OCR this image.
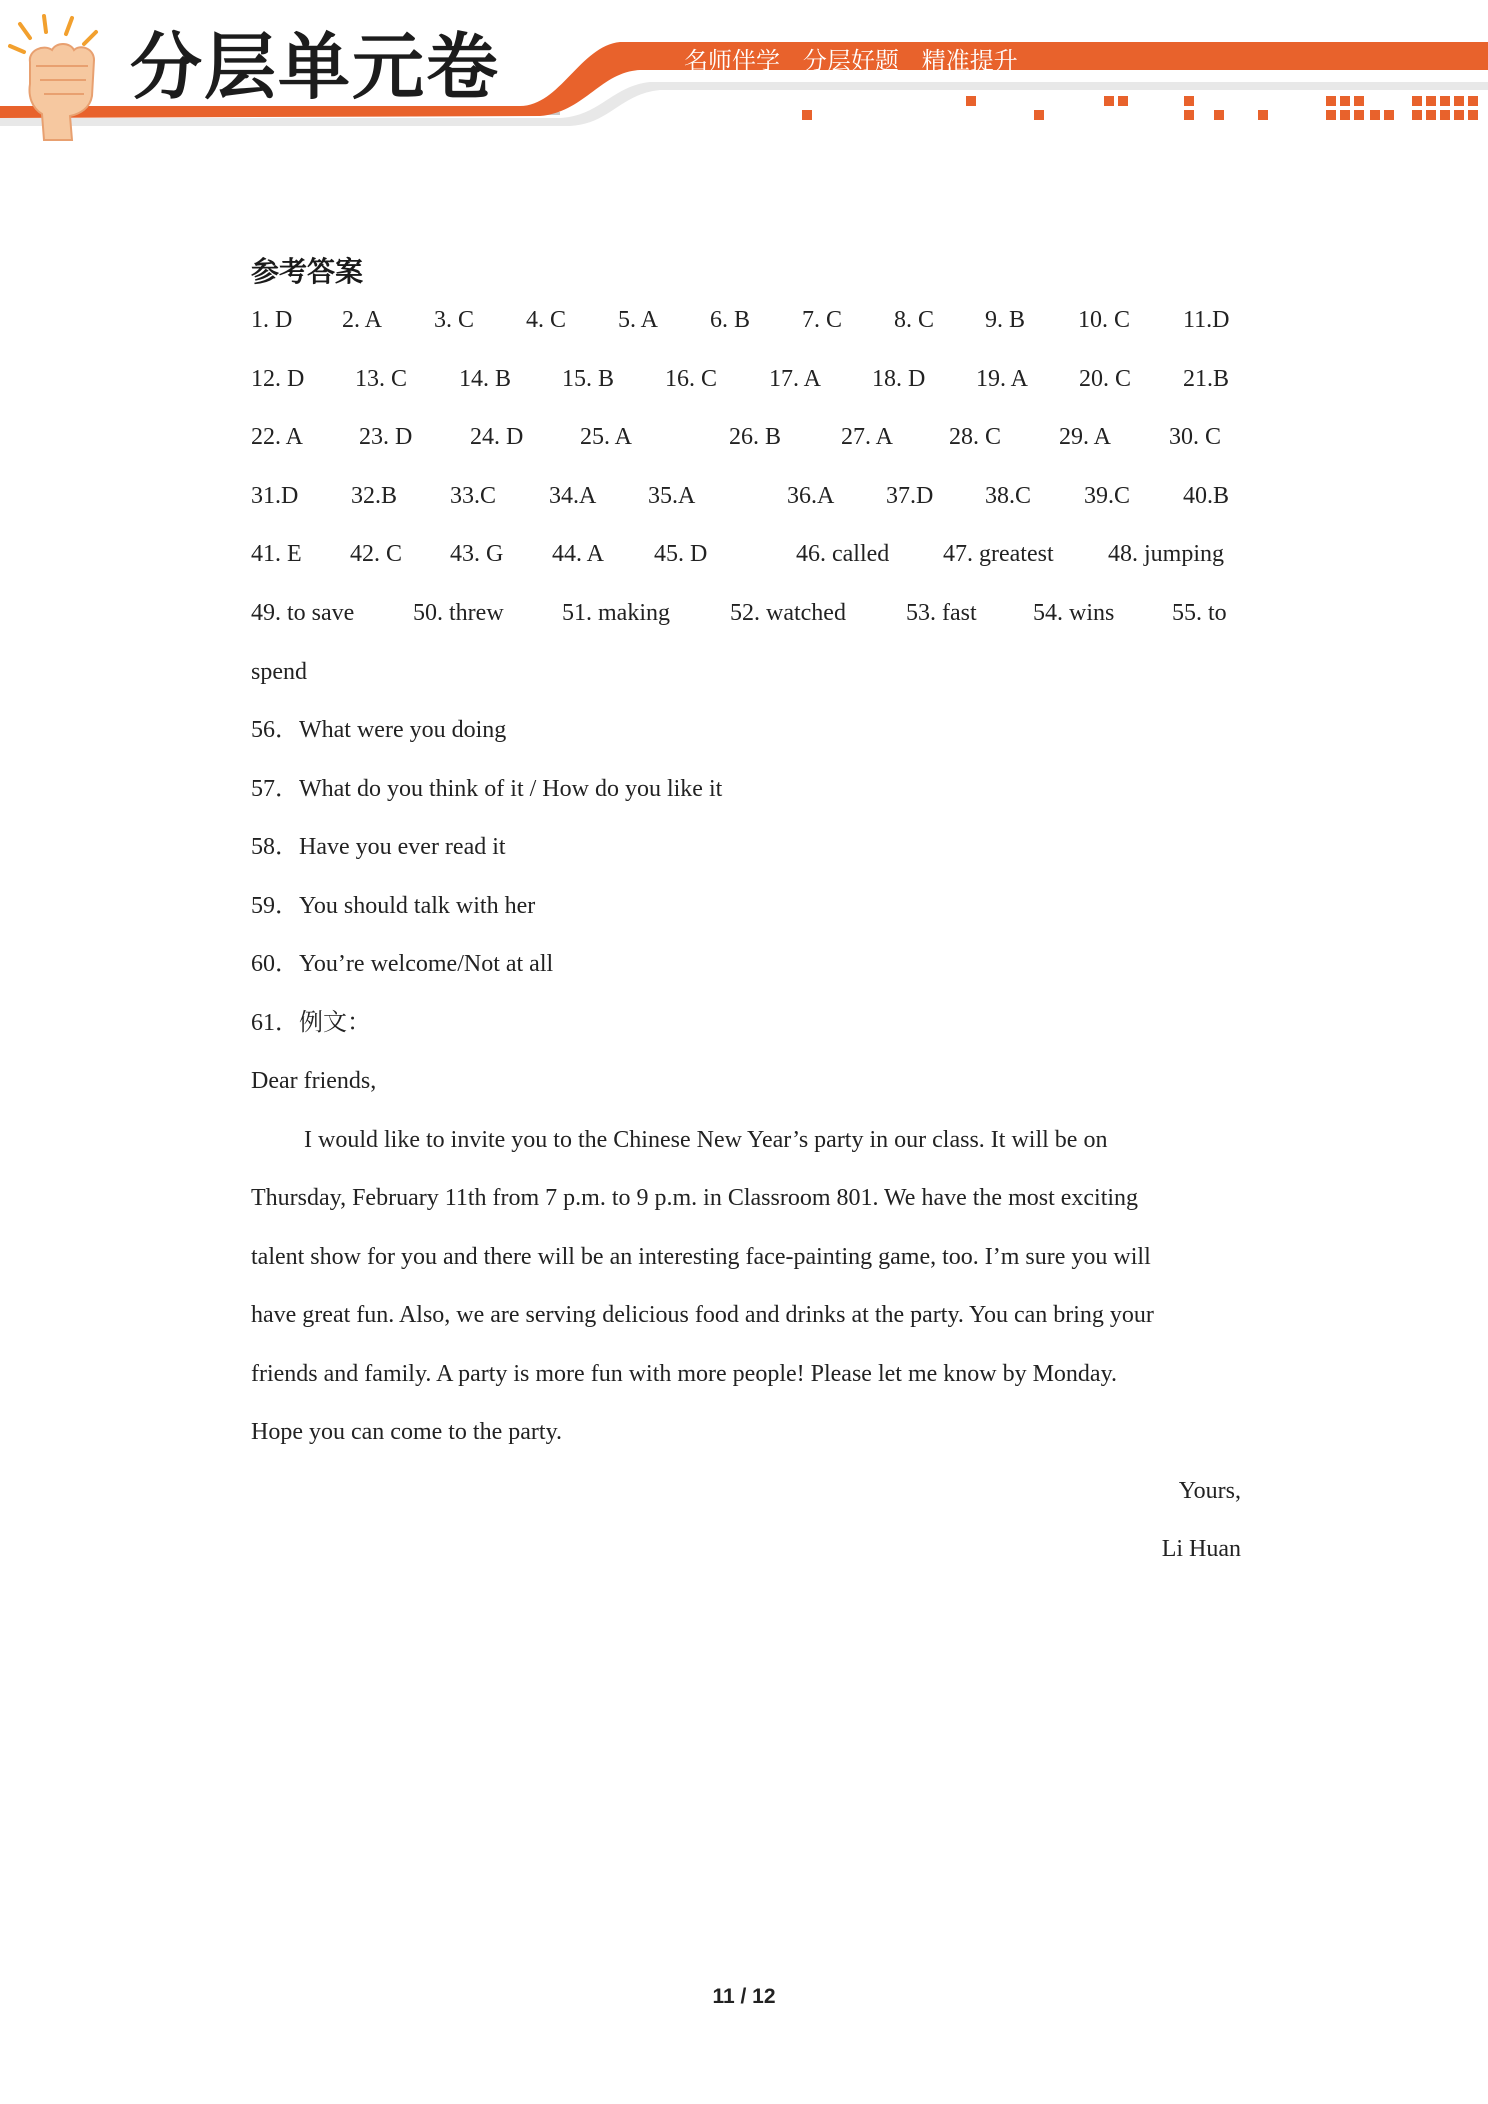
分层单元卷	名师伴学   分层好题   精准提升
参考答案
1. D 2. A 3. C 4. C 5. A 6. B 7. C 8. C 9. B 10. C 11.D
12. D 13. C 14. B 15. B 16. C 17. A 18. D 19. A 20. C 21.B
22. A 23. D 24. D 25. A	26. B 27. A 28. C 29. A 30. C
31.D 32.B 33.C 34.A 35.A	36.A 37.D 38.C 39.C 40.B
41. E 42. C 43. G 44. A 45. D	46. called 47. greatest 48. jumping
49. to save 50. threw 51. making	52. watched	53. fast 54. wins 55. to
spend
56．What were you doing
57．What do you think of it / How do you like it
58．Have you ever read it
59．You should talk with her
60．You’re welcome/Not at all
61．例文：
Dear friends,
I would like to invite you to the Chinese New Year’s party in our class. It will be on
Thursday, February 11th from 7 p.m. to 9 p.m. in Classroom 801. We have the most exciting
talent show for you and there will be an interesting face-painting game, too. I’m sure you will
have great fun. Also, we are serving delicious food and drinks at the party. You can bring your
friends and family. A party is more fun with more people! Please let me know by Monday.
Hope you can come to the party.
Yours,
Li Huan
11 / 12
